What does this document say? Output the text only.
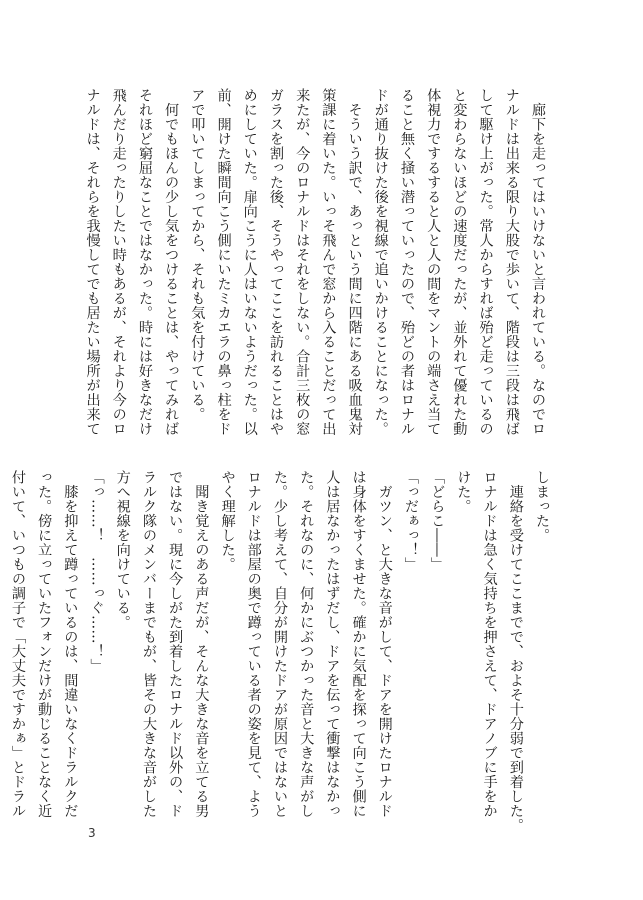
　廊下を走ってはいけないと言われている。なのでロ
ナルドは出来る限り大股で歩いて、階段は三段は飛ば
して駆け上がった。常人からすれば殆ど走っているの
と変わらないほどの速度だったが、並外れて優れた動
体視力でするすると人と人の間をマントの端さえ当て
ること無く掻い潜っていったので、殆どの者はロナル
ドが通り抜けた後を視線で追いかけることになった。
　そういう訳で、あっという間に四階にある吸血鬼対
策課に着いた。いっそ飛んで窓から入ることだって出
来たが、今のロナルドはそれをしない。合計三枚の窓
ガラスを割った後、そうやってここを訪れることはや
めにしていた。扉向こうに人はいないようだった。以
前、開けた瞬間向こう側にいたミカエラの鼻っ柱をド
アで叩いてしまってから、それも気を付けている。
　何でもほんの少し気をつけることは、やってみれば
それほど窮屈なことではなかった。時には好きなだけ
飛んだり走ったりしたい時もあるが、それより今のロ
ナルドは、それらを我慢してでも居たい場所が出来て
しまった。
　連絡を受けてここまでで、およそ十分弱で到着した。
ロナルドは急く気持ちを押さえて、ドアノブに手をか
けた。
「どらこ――」
「っだぁっ！」
　ガツン、と大きな音がして、ドアを開けたロナルド
は身体をすくませた。確かに気配を探って向こう側に
人は居なかったはずだし、ドアを伝って衝撃はなかっ
た。それなのに、何かにぶつかった音と大きな声がし
た。少し考えて、自分が開けたドアが原因ではないと
ロナルドは部屋の奥で蹲っている者の姿を見て、よう
やく理解した。
　聞き覚えのある声だが、そんな大きな音を立てる男
ではない。現に今しがた到着したロナルド以外の、ド
ラルク隊のメンバーまでもが、皆その大きな音がした
方へ視線を向けている。
「っ……！　……っぐ……！」
　膝を抑えて蹲っているのは、間違いなくドラルクだ
った。傍に立っていたフォンだけが動じることなく近
付いて、いつもの調子で「大丈夫ですかぁ」とドラル
3
